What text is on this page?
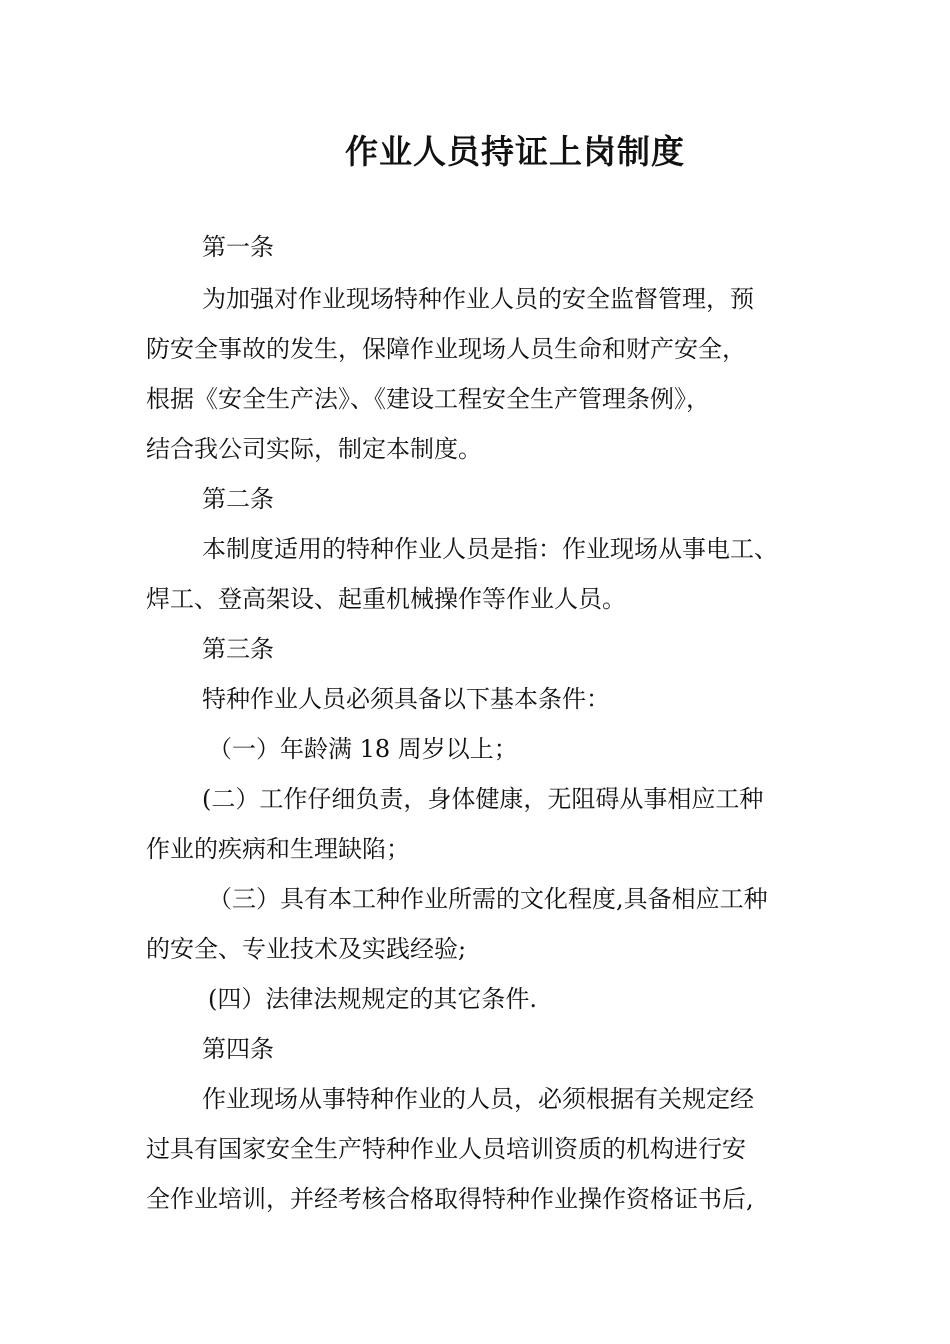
作业人员持证上岗制度
第一条
为加强对作业现场特种作业人员的安全监督管理，预
防安全事故的发生，保障作业现场人员生命和财产安全，
根据《安全生产法》、《建设工程安全生产管理条例》，
结合我公司实际，制定本制度。
第二条
本制度适用的特种作业人员是指：作业现场从事电工、
焊工、登高架设、起重机械操作等作业人员。
第三条
特种作业人员必须具备以下基本条件：
（一）年龄满 18 周岁以上；
(二）工作仔细负责，身体健康，无阻碍从事相应工种
作业的疾病和生理缺陷；
（三）具有本工种作业所需的文化程度,具备相应工种
的安全、专业技术及实践经验;
(四）法律法规规定的其它条件.
第四条
作业现场从事特种作业的人员，必须根据有关规定经
过具有国家安全生产特种作业人员培训资质的机构进行安
全作业培训，并经考核合格取得特种作业操作资格证书后,
